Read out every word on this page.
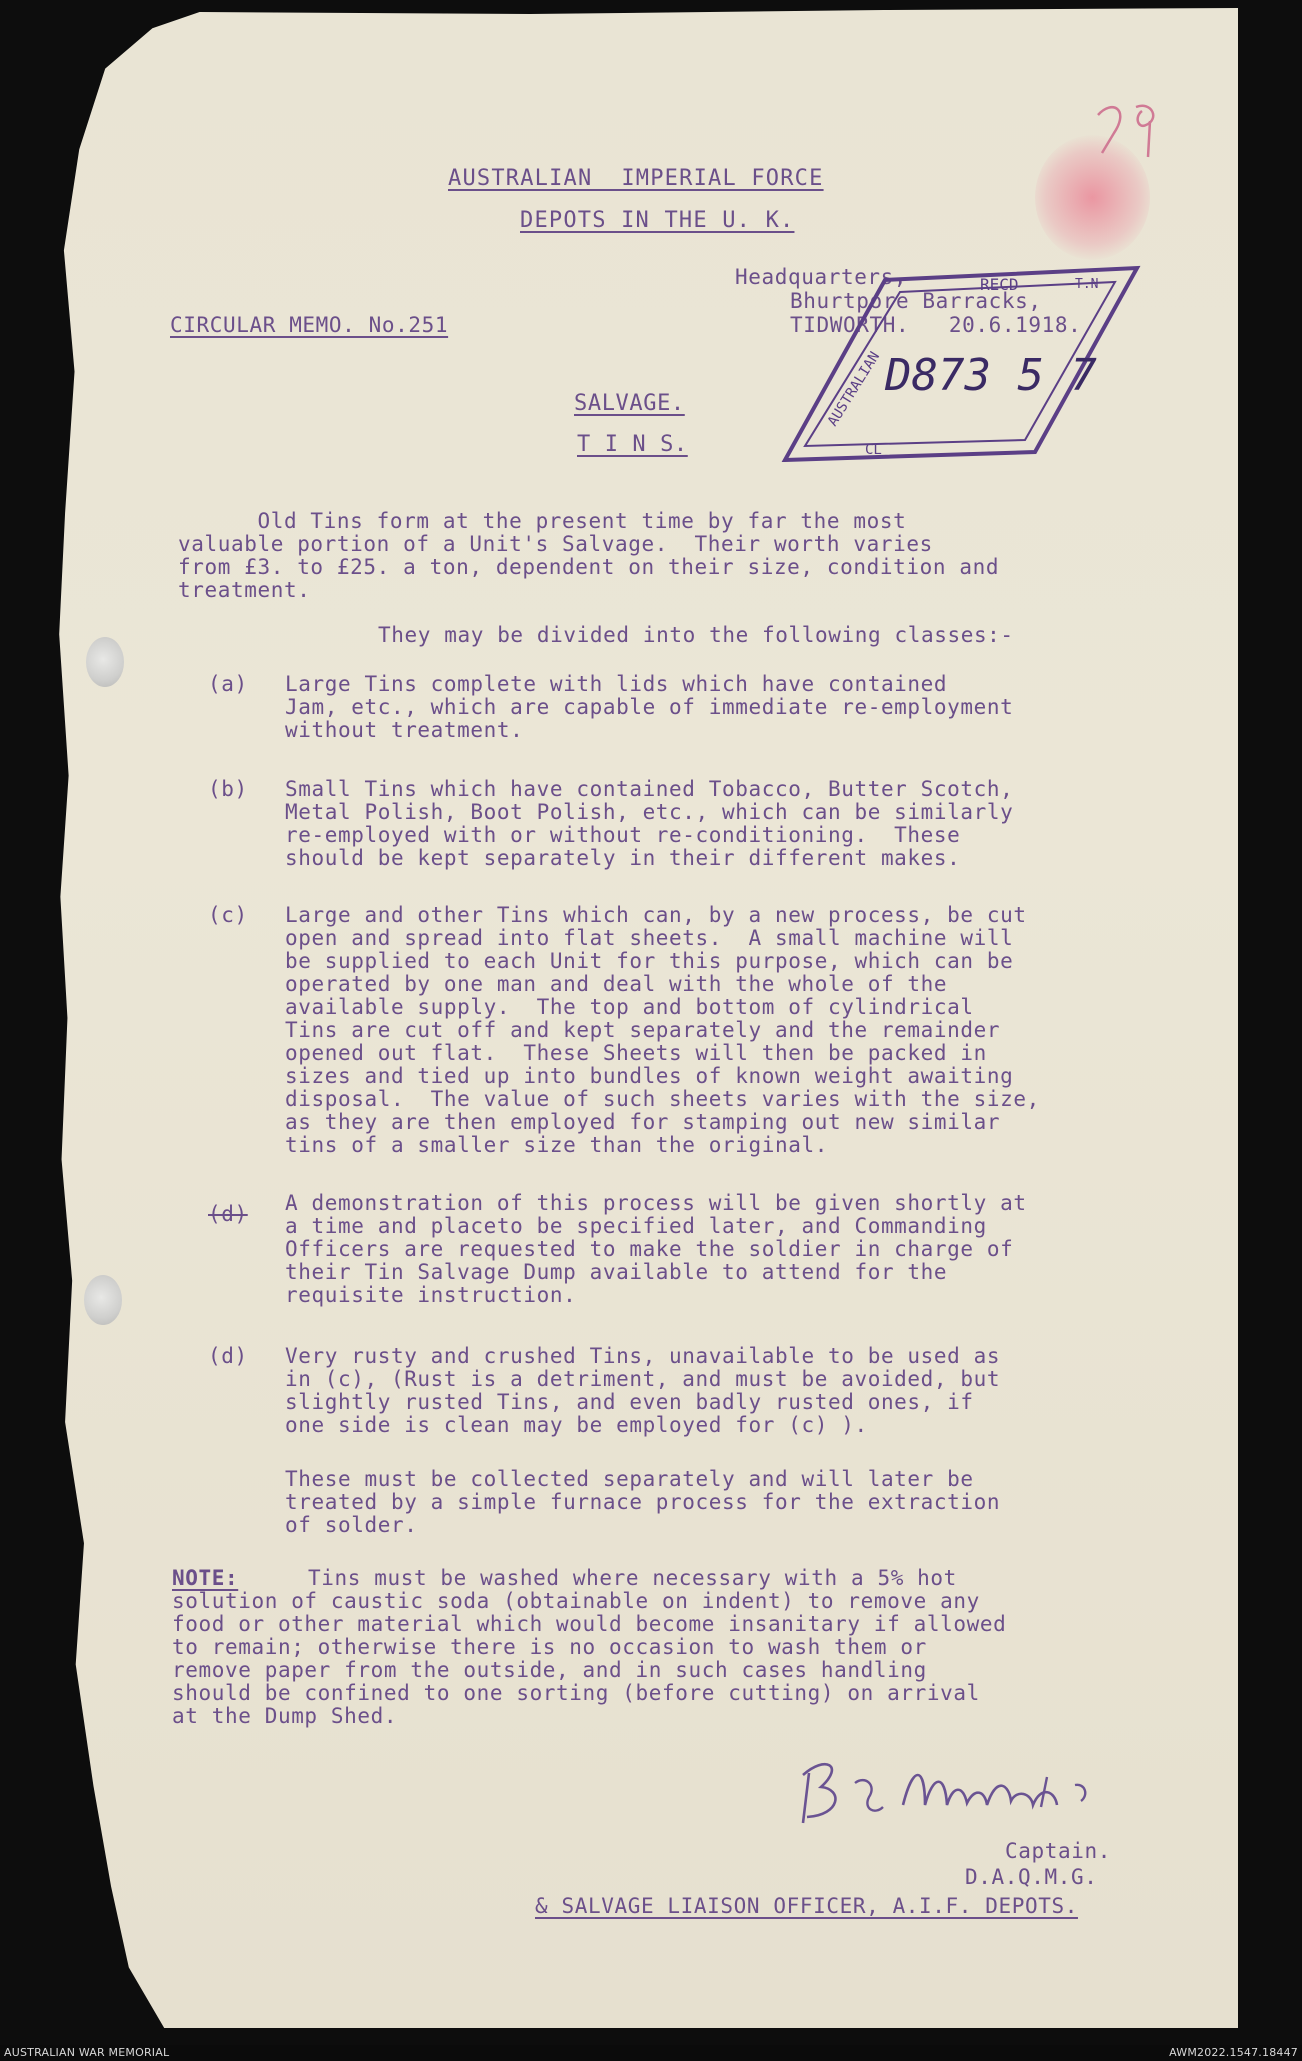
AUSTRALIAN  IMPERIAL FORCE
DEPOTS IN THE U. K.
Headquarters,
Bhurtpore Barracks,
TIDWORTH.   20.6.1918.
CIRCULAR MEMO. No.251
RECD	T.N
AUSTRALIAN
CL
D873 5 7
SALVAGE.
T I N S.
Old Tins form at the present time by far the most
valuable portion of a Unit's Salvage.  Their worth varies
from £3. to £25. a ton, dependent on their size, condition and
treatment.
They may be divided into the following classes:-
(a) Large Tins complete with lids which have contained
Jam, etc., which are capable of immediate re-employment
without treatment.
(b) Small Tins which have contained Tobacco, Butter Scotch,
Metal Polish, Boot Polish, etc., which can be similarly
re-employed with or without re-conditioning.  These
should be kept separately in their different makes.
(c) Large and other Tins which can, by a new process, be cut
open and spread into flat sheets.  A small machine will
be supplied to each Unit for this purpose, which can be
operated by one man and deal with the whole of the
available supply.  The top and bottom of cylindrical
Tins are cut off and kept separately and the remainder
opened out flat.  These Sheets will then be packed in
sizes and tied up into bundles of known weight awaiting
disposal.  The value of such sheets varies with the size,
as they are then employed for stamping out new similar
tins of a smaller size than the original.
(d) A demonstration of this process will be given shortly at
a time and placeto be specified later, and Commanding
Officers are requested to make the soldier in charge of
their Tin Salvage Dump available to attend for the
requisite instruction.
(d) Very rusty and crushed Tins, unavailable to be used as
in (c), (Rust is a detriment, and must be avoided, but
slightly rusted Tins, and even badly rusted ones, if
one side is clean may be employed for (c) ).
These must be collected separately and will later be
treated by a simple furnace process for the extraction
of solder.
NOTE:	Tins must be washed where necessary with a 5% hot
solution of caustic soda (obtainable on indent) to remove any
food or other material which would become insanitary if allowed
to remain; otherwise there is no occasion to wash them or
remove paper from the outside, and in such cases handling
should be confined to one sorting (before cutting) on arrival
at the Dump Shed.
Captain.
D.A.Q.M.G.
& SALVAGE LIAISON OFFICER, A.I.F. DEPOTS.
AUSTRALIAN WAR MEMORIAL	AWM2022.1547.18447
